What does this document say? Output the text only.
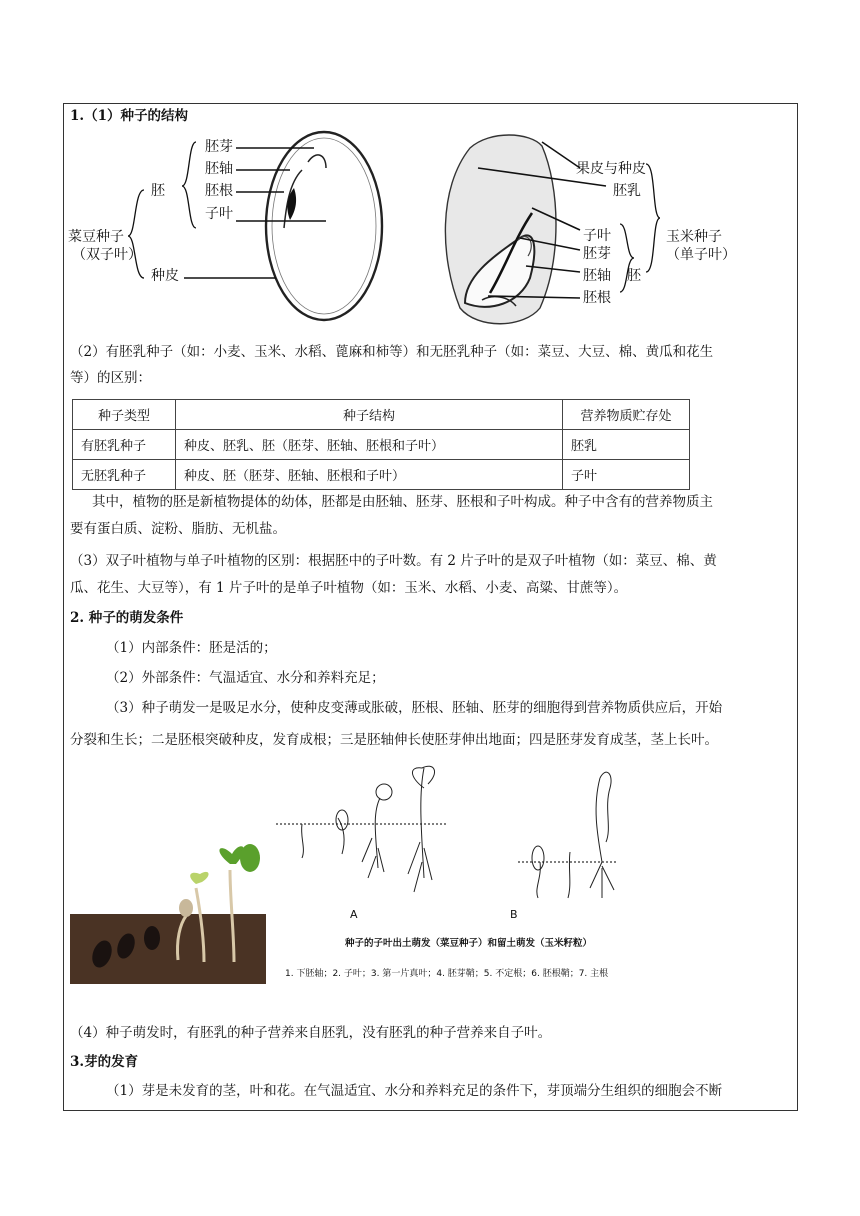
1.（1）种子的结构
胚芽
胚轴
胚根
子叶
胚
种皮
菜豆种子
（双子叶）
果皮与种皮
胚乳
子叶
胚芽
胚轴
胚根
胚
玉米种子
（单子叶）
（2）有胚乳种子（如：小麦、玉米、水稻、蓖麻和柿等）和无胚乳种子（如：菜豆、大豆、棉、黄瓜和花生
等）的区别：
种子类型	种子结构	营养物质贮存处
有胚乳种子	种皮、胚乳、胚（胚芽、胚轴、胚根和子叶）	胚乳
无胚乳种子	种皮、胚（胚芽、胚轴、胚根和子叶）	子叶
其中，植物的胚是新植物提体的幼体，胚都是由胚轴、胚芽、胚根和子叶构成。种子中含有的营养物质主
要有蛋白质、淀粉、脂肪、无机盐。
（3）双子叶植物与单子叶植物的区别：根据胚中的子叶数。有 2 片子叶的是双子叶植物（如：菜豆、棉、黄
瓜、花生、大豆等），有 1 片子叶的是单子叶植物（如：玉米、水稻、小麦、高粱、甘蔗等）。
2. 种子的萌发条件
（1）内部条件：胚是活的；
（2）外部条件：气温适宜、水分和养料充足；
（3）种子萌发一是吸足水分，使种皮变薄或胀破，胚根、胚轴、胚芽的细胞得到营养物质供应后，开始
分裂和生长；二是胚根突破种皮，发育成根；三是胚轴伸长使胚芽伸出地面；四是胚芽发育成茎，茎上长叶。
A	B
种子的子叶出土萌发（菜豆种子）和留土萌发（玉米籽粒）
1. 下胚轴；2. 子叶；3. 第一片真叶；4. 胚芽鞘；5. 不定根；6. 胚根鞘；7. 主根
（4）种子萌发时，有胚乳的种子营养来自胚乳，没有胚乳的种子营养来自子叶。
3.芽的发育
（1）芽是未发育的茎，叶和花。在气温适宜、水分和养料充足的条件下，芽顶端分生组织的细胞会不断
